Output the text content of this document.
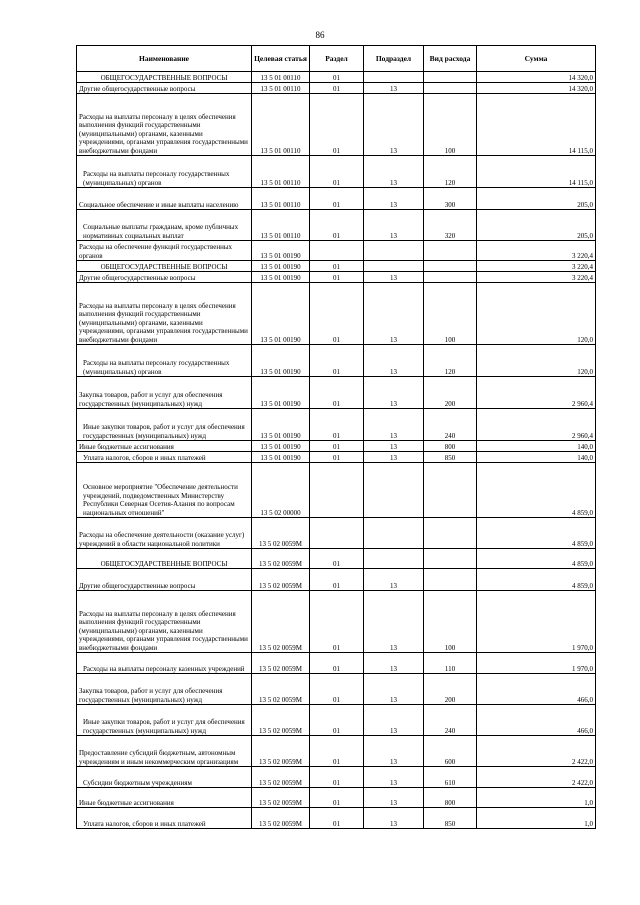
86
Наименование	Целевая статья	Раздел	Подраздел	Вид расхода	Сумма
ОБЩЕГОСУДАРСТВЕННЫЕ ВОПРОСЫ	13 5 01 00110	01			14 320,0
Другие общегосударственные вопросы	13 5 01 00110	01	13		14 320,0
Расходы на выплаты персоналу в целях обеспечения выполнения функций государственными (муниципальными) органами, казенными учреждениями, органами управления государственными внебюджетными фондами	13 5 01 00110	01	13	100	14 115,0
Расходы на выплаты персоналу государственных (муниципальных) органов	13 5 01 00110	01	13	120	14 115,0
Социальное обеспечение и иные выплаты населению	13 5 01 00110	01	13	300	205,0
Социальные выплаты гражданам, кроме публичных нормативных социальных выплат	13 5 01 00110	01	13	320	205,0
Расходы на обеспечение функций государственных органов	13 5 01 00190				3 220,4
ОБЩЕГОСУДАРСТВЕННЫЕ ВОПРОСЫ	13 5 01 00190	01			3 220,4
Другие общегосударственные вопросы	13 5 01 00190	01	13		3 220,4
Расходы на выплаты персоналу в целях обеспечения выполнения функций государственными (муниципальными) органами, казенными учреждениями, органами управления государственными внебюджетными фондами	13 5 01 00190	01	13	100	120,0
Расходы на выплаты персоналу государственных (муниципальных) органов	13 5 01 00190	01	13	120	120,0
Закупка товаров, работ и услуг для обеспечения государственных (муниципальных) нужд	13 5 01 00190	01	13	200	2 960,4
Иные закупки товаров, работ и услуг для обеспечения государственных (муниципальных) нужд	13 5 01 00190	01	13	240	2 960,4
Иные бюджетные ассигнования	13 5 01 00190	01	13	800	140,0
Уплата налогов, сборов и иных платежей	13 5 01 00190	01	13	850	140,0
Основное мероприятие "Обеспечение деятельности учреждений, подведомственных Министерству Республики Северная Осетия-Алания по вопросам национальных отношений"	13 5 02 00000				4 859,0
Расходы на обеспечение деятельности (оказание услуг) учреждений в области национальной политики	13 5 02 0059M				4 859,0
ОБЩЕГОСУДАРСТВЕННЫЕ ВОПРОСЫ	13 5 02 0059M	01			4 859,0
Другие общегосударственные вопросы	13 5 02 0059M	01	13		4 859,0
Расходы на выплаты персоналу в целях обеспечения выполнения функций государственными (муниципальными) органами, казенными учреждениями, органами управления государственными внебюджетными фондами	13 5 02 0059M	01	13	100	1 970,0
Расходы на выплаты персоналу казенных учреждений	13 5 02 0059M	01	13	110	1 970,0
Закупка товаров, работ и услуг для обеспечения государственных (муниципальных) нужд	13 5 02 0059M	01	13	200	466,0
Иные закупки товаров, работ и услуг для обеспечения государственных (муниципальных) нужд	13 5 02 0059M	01	13	240	466,0
Предоставление субсидий бюджетным, автономным учреждениям и иным некоммерческим организациям	13 5 02 0059M	01	13	600	2 422,0
Субсидии бюджетным учреждениям	13 5 02 0059M	01	13	610	2 422,0
Иные бюджетные ассигнования	13 5 02 0059M	01	13	800	1,0
Уплата налогов, сборов и иных платежей	13 5 02 0059M	01	13	850	1,0
